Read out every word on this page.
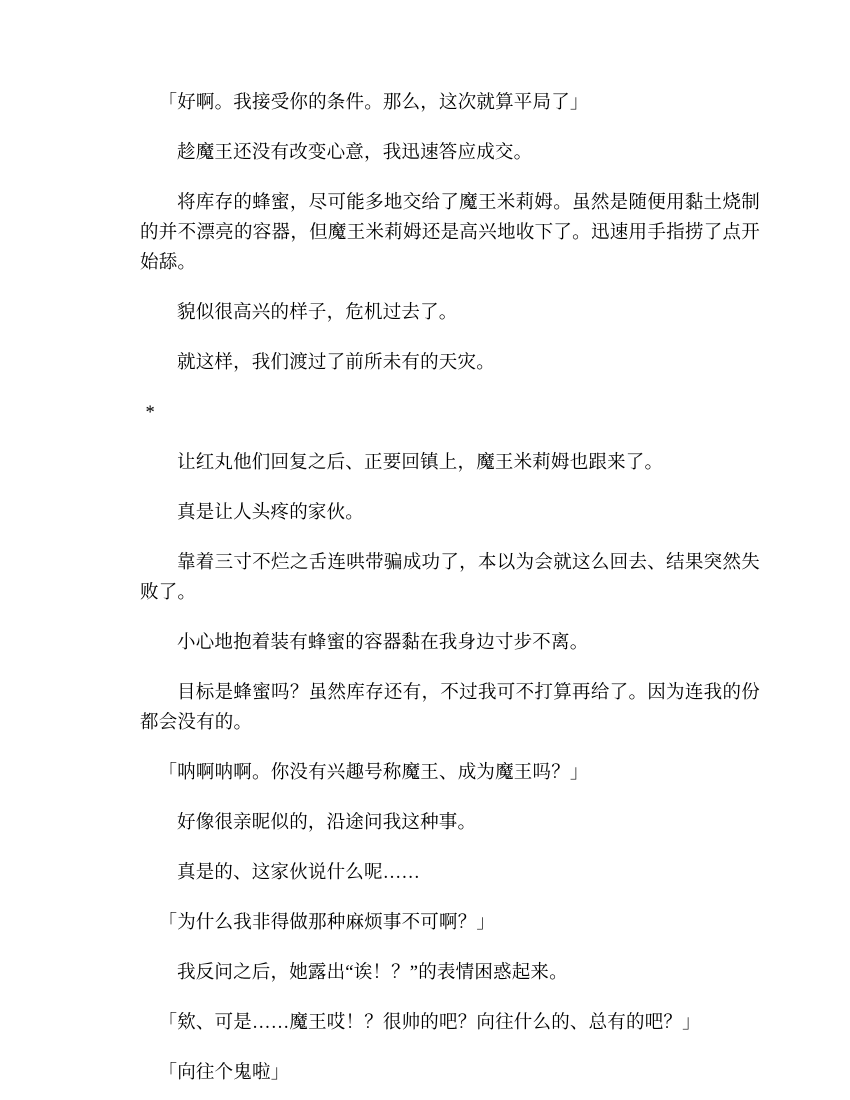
「好啊。我接受你的条件。那么，这次就算平局了」

趁魔王还没有改变心意，我迅速答应成交。

将库存的蜂蜜，尽可能多地交给了魔王米莉姆。虽然是随便用黏土烧制的并不漂亮的容器，但魔王米莉姆还是高兴地收下了。迅速用手指捞了点开始舔。

貌似很高兴的样子，危机过去了。

就这样，我们渡过了前所未有的天灾。

*

让红丸他们回复之后、正要回镇上，魔王米莉姆也跟来了。

真是让人头疼的家伙。

靠着三寸不烂之舌连哄带骗成功了，本以为会就这么回去、结果突然失败了。

小心地抱着装有蜂蜜的容器黏在我身边寸步不离。

目标是蜂蜜吗？虽然库存还有，不过我可不打算再给了。因为连我的份都会没有的。

「呐啊呐啊。你没有兴趣号称魔王、成为魔王吗？」

好像很亲昵似的，沿途问我这种事。

真是的、这家伙说什么呢……

「为什么我非得做那种麻烦事不可啊？」

我反问之后，她露出“诶！？”的表情困惑起来。

「欸、可是……魔王哎！？很帅的吧？向往什么的、总有的吧？」

「向往个鬼啦」
